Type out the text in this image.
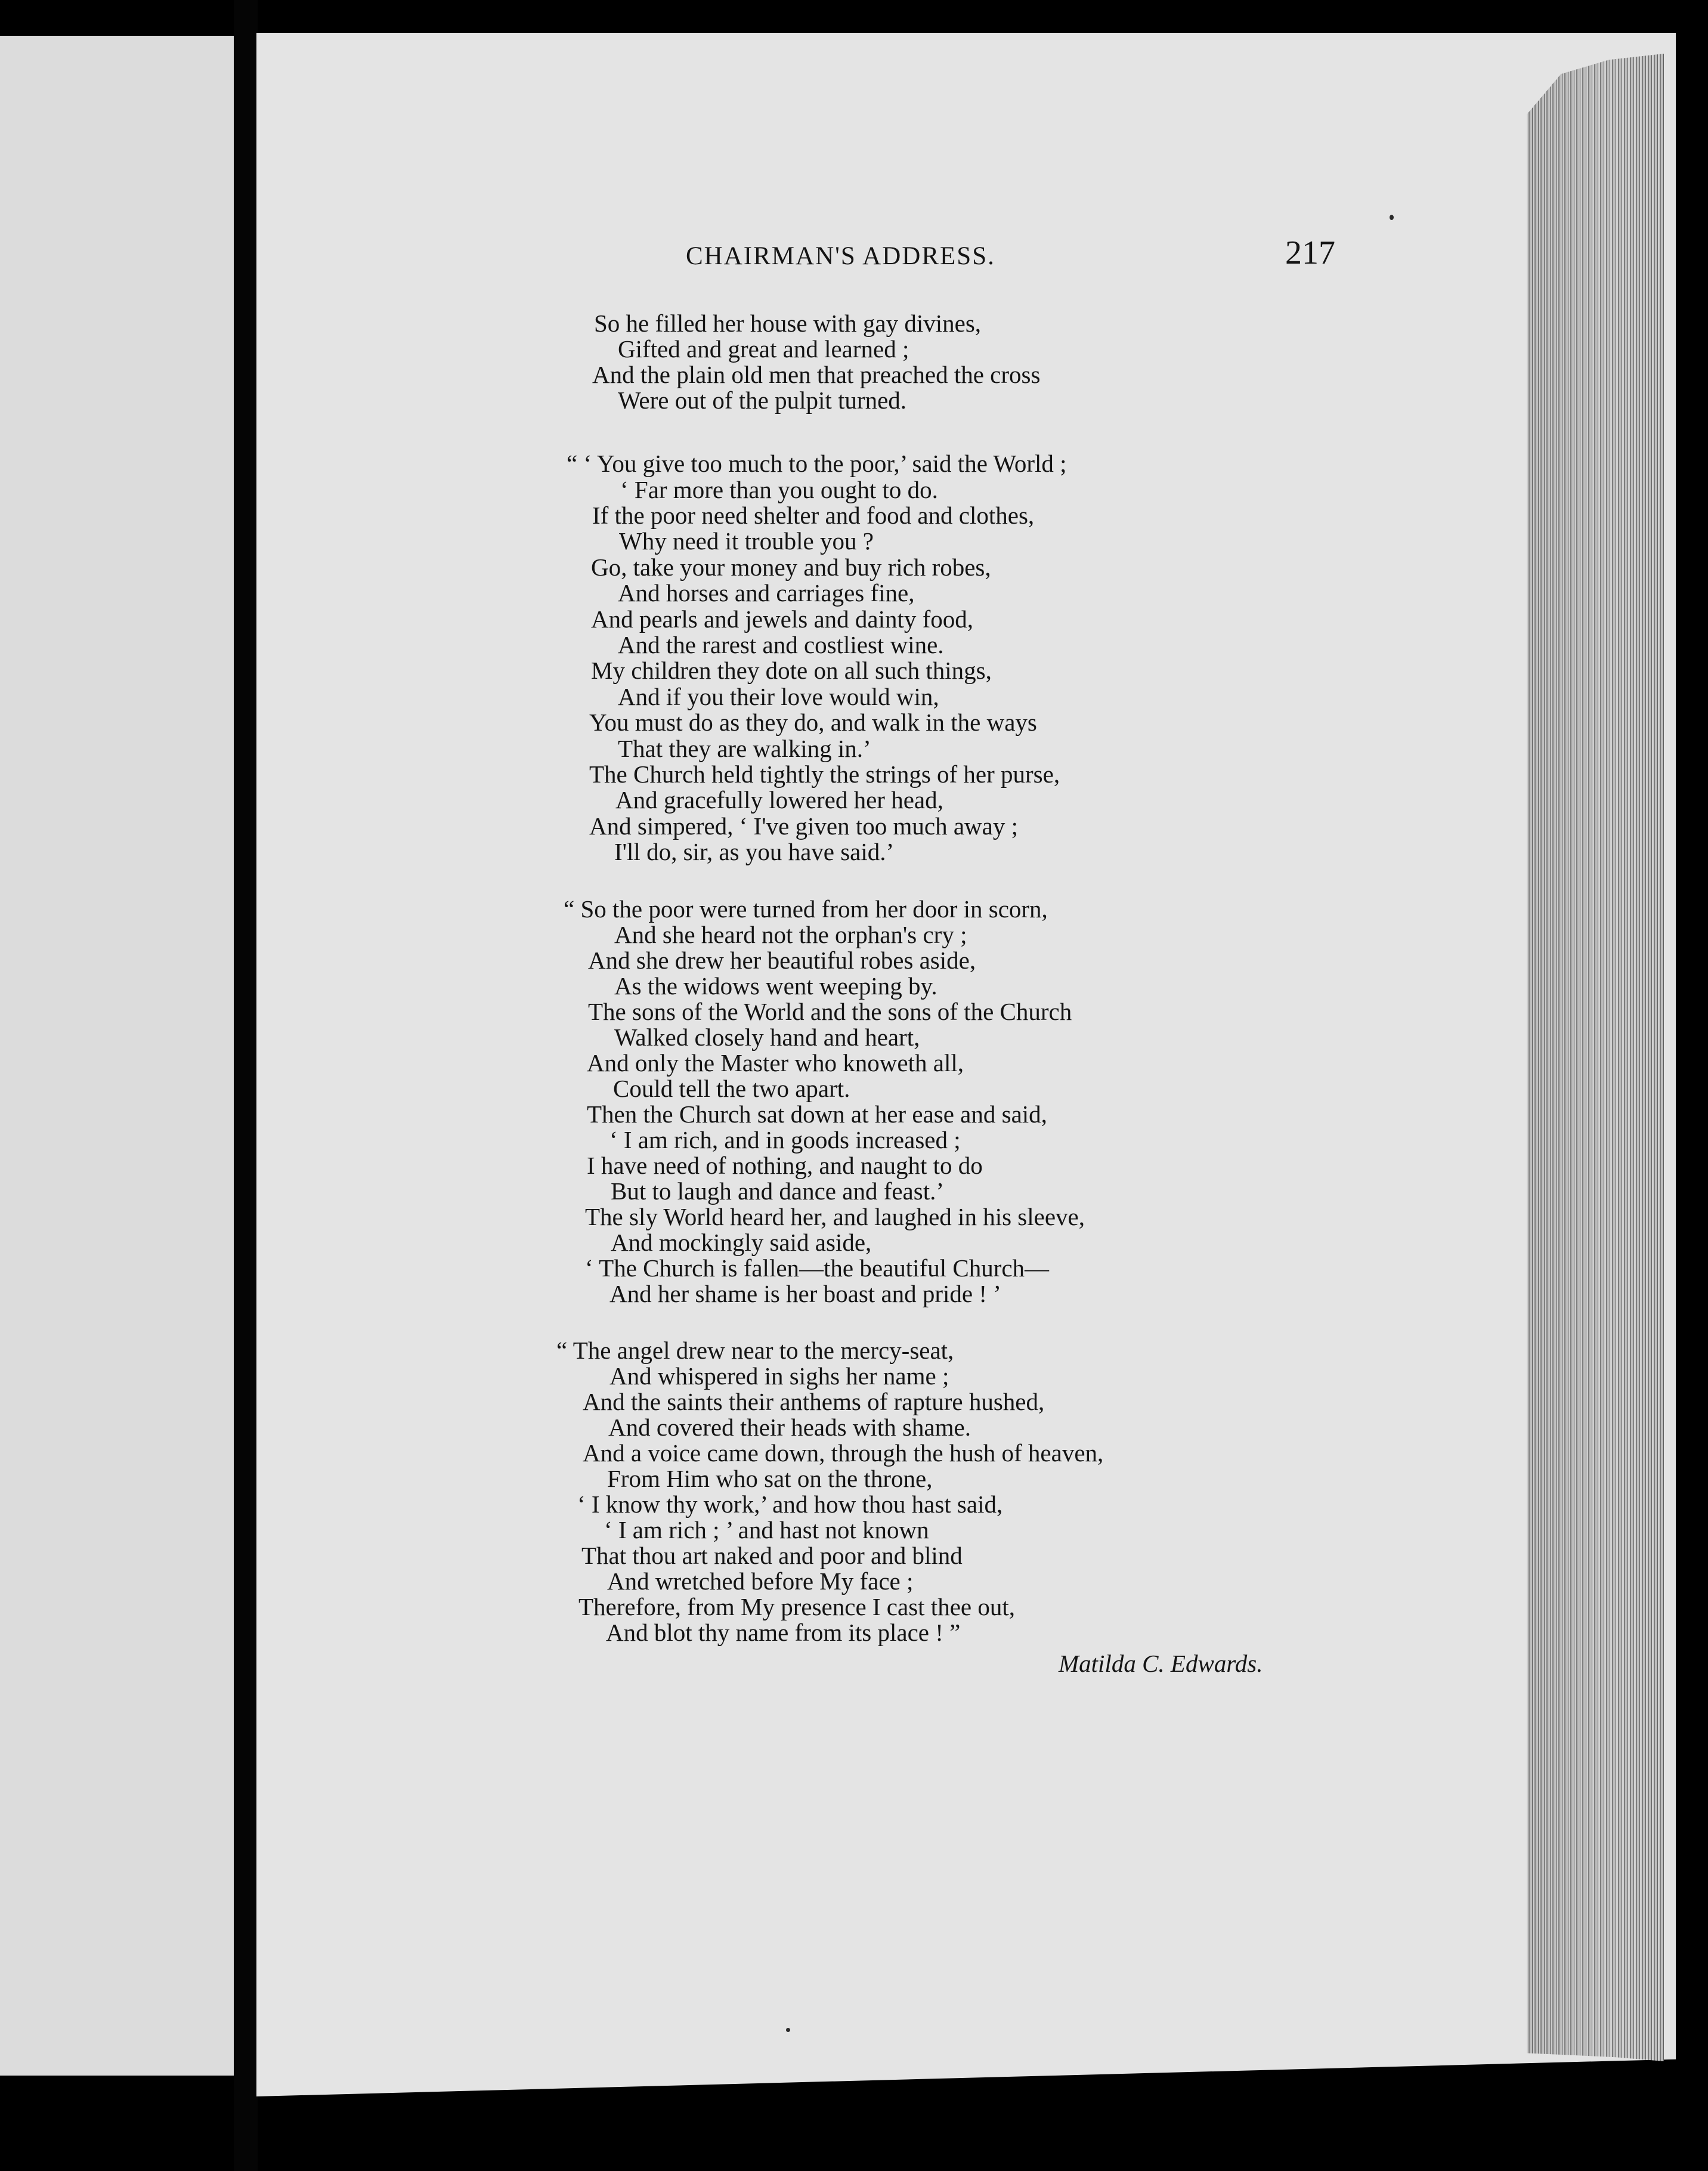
CHAIRMAN'S ADDRESS.	217
So he filled her house with gay divines,
Gifted and great and learned ;
And the plain old men that preached the cross
Were out of the pulpit turned.
“ ‘ You give too much to the poor,’ said the World ;
‘ Far more than you ought to do.
If the poor need shelter and food and clothes,
Why need it trouble you ?
Go, take your money and buy rich robes,
And horses and carriages fine,
And pearls and jewels and dainty food,
And the rarest and costliest wine.
My children they dote on all such things,
And if you their love would win,
You must do as they do, and walk in the ways
That they are walking in.’
The Church held tightly the strings of her purse,
And gracefully lowered her head,
And simpered, ‘ I've given too much away ;
I'll do, sir, as you have said.’
“ So the poor were turned from her door in scorn,
And she heard not the orphan's cry ;
And she drew her beautiful robes aside,
As the widows went weeping by.
The sons of the World and the sons of the Church
Walked closely hand and heart,
And only the Master who knoweth all,
Could tell the two apart.
Then the Church sat down at her ease and said,
‘ I am rich, and in goods increased ;
I have need of nothing, and naught to do
But to laugh and dance and feast.’
The sly World heard her, and laughed in his sleeve,
And mockingly said aside,
‘ The Church is fallen—the beautiful Church—
And her shame is her boast and pride ! ’
“ The angel drew near to the mercy-seat,
And whispered in sighs her name ;
And the saints their anthems of rapture hushed,
And covered their heads with shame.
And a voice came down, through the hush of heaven,
From Him who sat on the throne,
‘ I know thy work,’ and how thou hast said,
‘ I am rich ; ’ and hast not known
That thou art naked and poor and blind
And wretched before My face ;
Therefore, from My presence I cast thee out,
And blot thy name from its place ! ”
Matilda C. Edwards.
